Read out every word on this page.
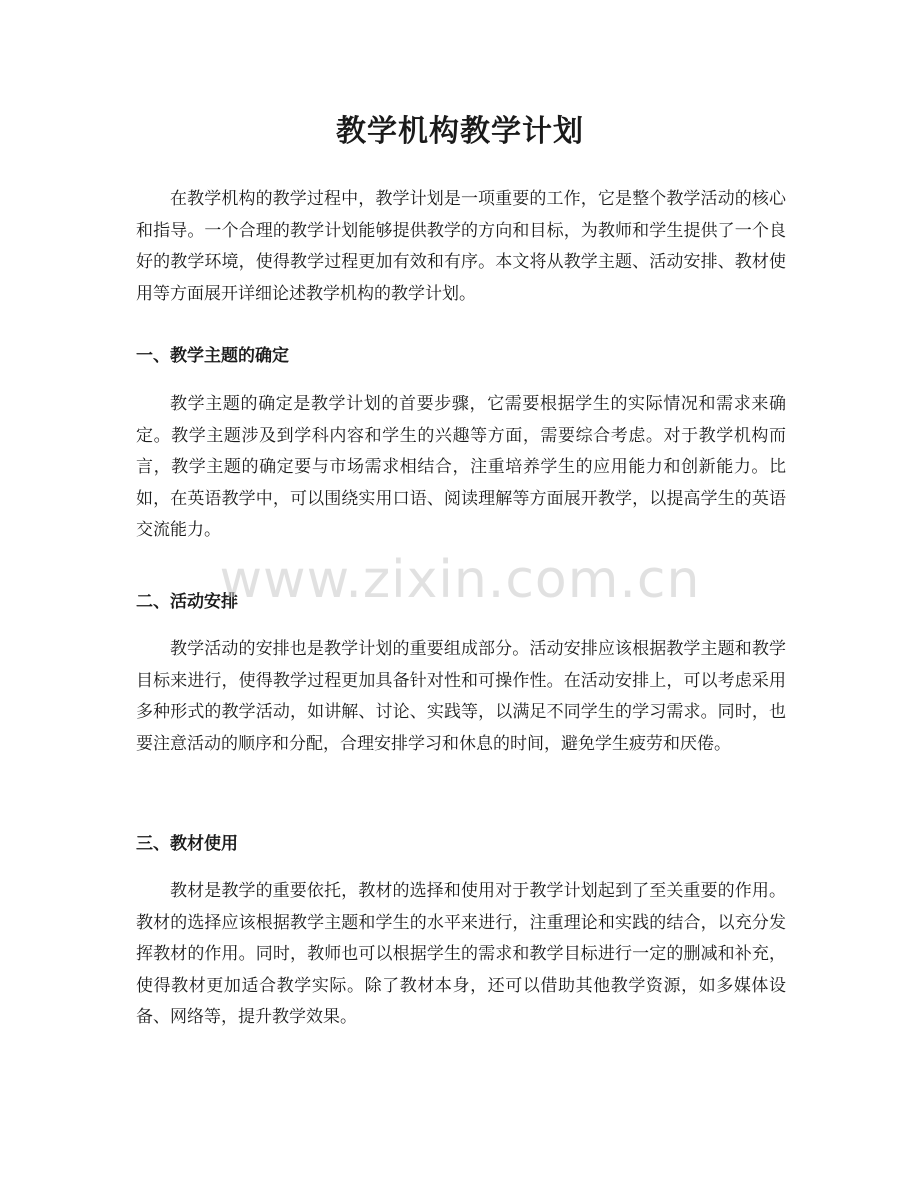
教学机构教学计划

在教学机构的教学过程中，教学计划是一项重要的工作，它是整个教学活动的核心和指导。一个合理的教学计划能够提供教学的方向和目标，为教师和学生提供了一个良好的教学环境，使得教学过程更加有效和有序。本文将从教学主题、活动安排、教材使用等方面展开详细论述教学机构的教学计划。

一、教学主题的确定

教学主题的确定是教学计划的首要步骤，它需要根据学生的实际情况和需求来确定。教学主题涉及到学科内容和学生的兴趣等方面，需要综合考虑。对于教学机构而言，教学主题的确定要与市场需求相结合，注重培养学生的应用能力和创新能力。比如，在英语教学中，可以围绕实用口语、阅读理解等方面展开教学，以提高学生的英语交流能力。

二、活动安排

教学活动的安排也是教学计划的重要组成部分。活动安排应该根据教学主题和教学目标来进行，使得教学过程更加具备针对性和可操作性。在活动安排上，可以考虑采用多种形式的教学活动，如讲解、讨论、实践等，以满足不同学生的学习需求。同时，也要注意活动的顺序和分配，合理安排学习和休息的时间，避免学生疲劳和厌倦。

三、教材使用

教材是教学的重要依托，教材的选择和使用对于教学计划起到了至关重要的作用。教材的选择应该根据教学主题和学生的水平来进行，注重理论和实践的结合，以充分发挥教材的作用。同时，教师也可以根据学生的需求和教学目标进行一定的删减和补充，使得教材更加适合教学实际。除了教材本身，还可以借助其他教学资源，如多媒体设备、网络等，提升教学效果。

www.zixin.com.cn
